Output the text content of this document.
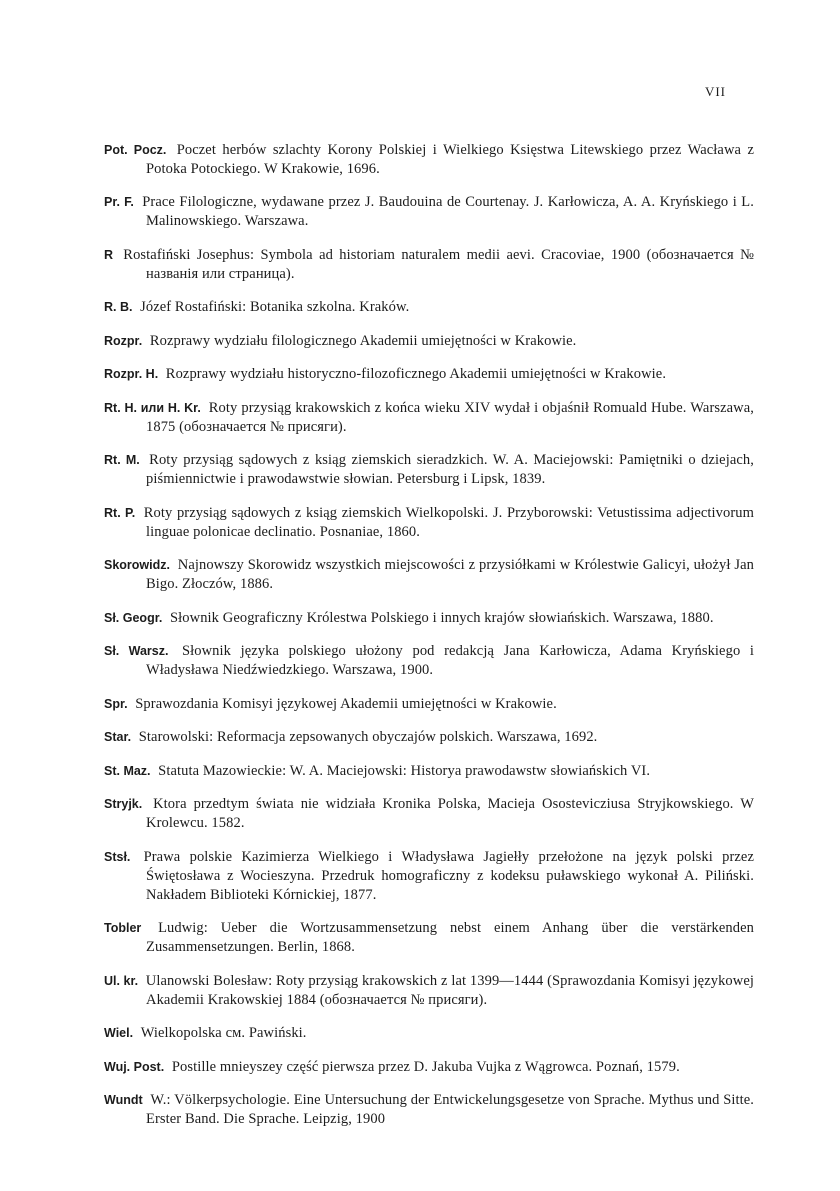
VII

Pot. Pocz. Poczet herbów szlachty Korony Polskiej i Wielkiego Księstwa Litewskiego przez Wacława z Potoka Potockiego. W Krakowie, 1696.

Pr. F. Prace Filologiczne, wydawane przez J. Baudouina de Courtenay. J. Karłowicza, A. A. Kryńskiego i L. Malinowskiego. Warszawa.

R Rostafiński Josephus: Symbola ad historiam naturalem medii aevi. Cracoviae, 1900 (обозначается № названія или страница).

R. B. Józef Rostafiński: Botanika szkolna. Kraków.

Rozpr. Rozprawy wydziału filologicznego Akademii umiejętności w Krakowie.

Rozpr. H. Rozprawy wydziału historyczno-filozoficznego Akademii umiejętności w Krakowie.

Rt. H. или H. Kr. Roty przysiąg krakowskich z końca wieku XIV wydał i objaśnił Romuald Hube. Warszawa, 1875 (обозначается № присяги).

Rt. M. Roty przysiąg sądowych z ksiąg ziemskich sieradzkich. W. A. Maciejowski: Pamiętniki o dziejach, piśmiennictwie i prawodawstwie słowian. Petersburg i Lipsk, 1839.

Rt. P. Roty przysiąg sądowych z ksiąg ziemskich Wielkopolski. J. Przyborowski: Vetustissima adjectivorum linguae polonicae declinatio. Posnaniae, 1860.

Skorowidz. Najnowszy Skorowidz wszystkich miejscowości z przysiółkami w Królestwie Galicyi, ułożył Jan Bigo. Złoczów, 1886.

Sł. Geogr. Słownik Geograficzny Królestwa Polskiego i innych krajów słowiańskich. Warszawa, 1880.

Sł. Warsz. Słownik języka polskiego ułożony pod redakcją Jana Karłowicza, Adama Kryńskiego i Władysława Niedźwiedzkiego. Warszawa, 1900.

Spr. Sprawozdania Komisyi językowej Akademii umiejętności w Krakowie.

Star. Starowolski: Reformacja zepsowanych obyczajów polskich. Warszawa, 1692.

St. Maz. Statuta Mazowieckie: W. A. Maciejowski: Historya prawodawstw słowiańskich VI.

Stryjk. Ktora przedtym świata nie widziała Kronika Polska, Macieja Osostevicziusa Stryjkowskiego. W Krolewcu. 1582.

Stsł. Prawa polskie Kazimierza Wielkiego i Władysława Jagiełły przełożone na język polski przez Świętosława z Wocieszyna. Przedruk homograficzny z kodeksu puławskiego wykonał A. Piliński. Nakładem Biblioteki Kórnickiej, 1877.

Tobler Ludwig: Ueber die Wortzusammensetzung nebst einem Anhang über die verstärkenden Zusammensetzungen. Berlin, 1868.

Ul. kr. Ulanowski Bolesław: Roty przysiąg krakowskich z lat 1399—1444 (Sprawozdania Komisyi językowej Akademii Krakowskiej 1884 (обозначается № присяги).

Wiel. Wielkopolska см. Pawiński.

Wuj. Post. Postille mnieyszey część pierwsza przez D. Jakuba Vujka z Wągrowca. Poznań, 1579.

Wundt W.: Völkerpsychologie. Eine Untersuchung der Entwickelungsgesetze von Sprache. Mythus und Sitte. Erster Band. Die Sprache. Leipzig, 1900
